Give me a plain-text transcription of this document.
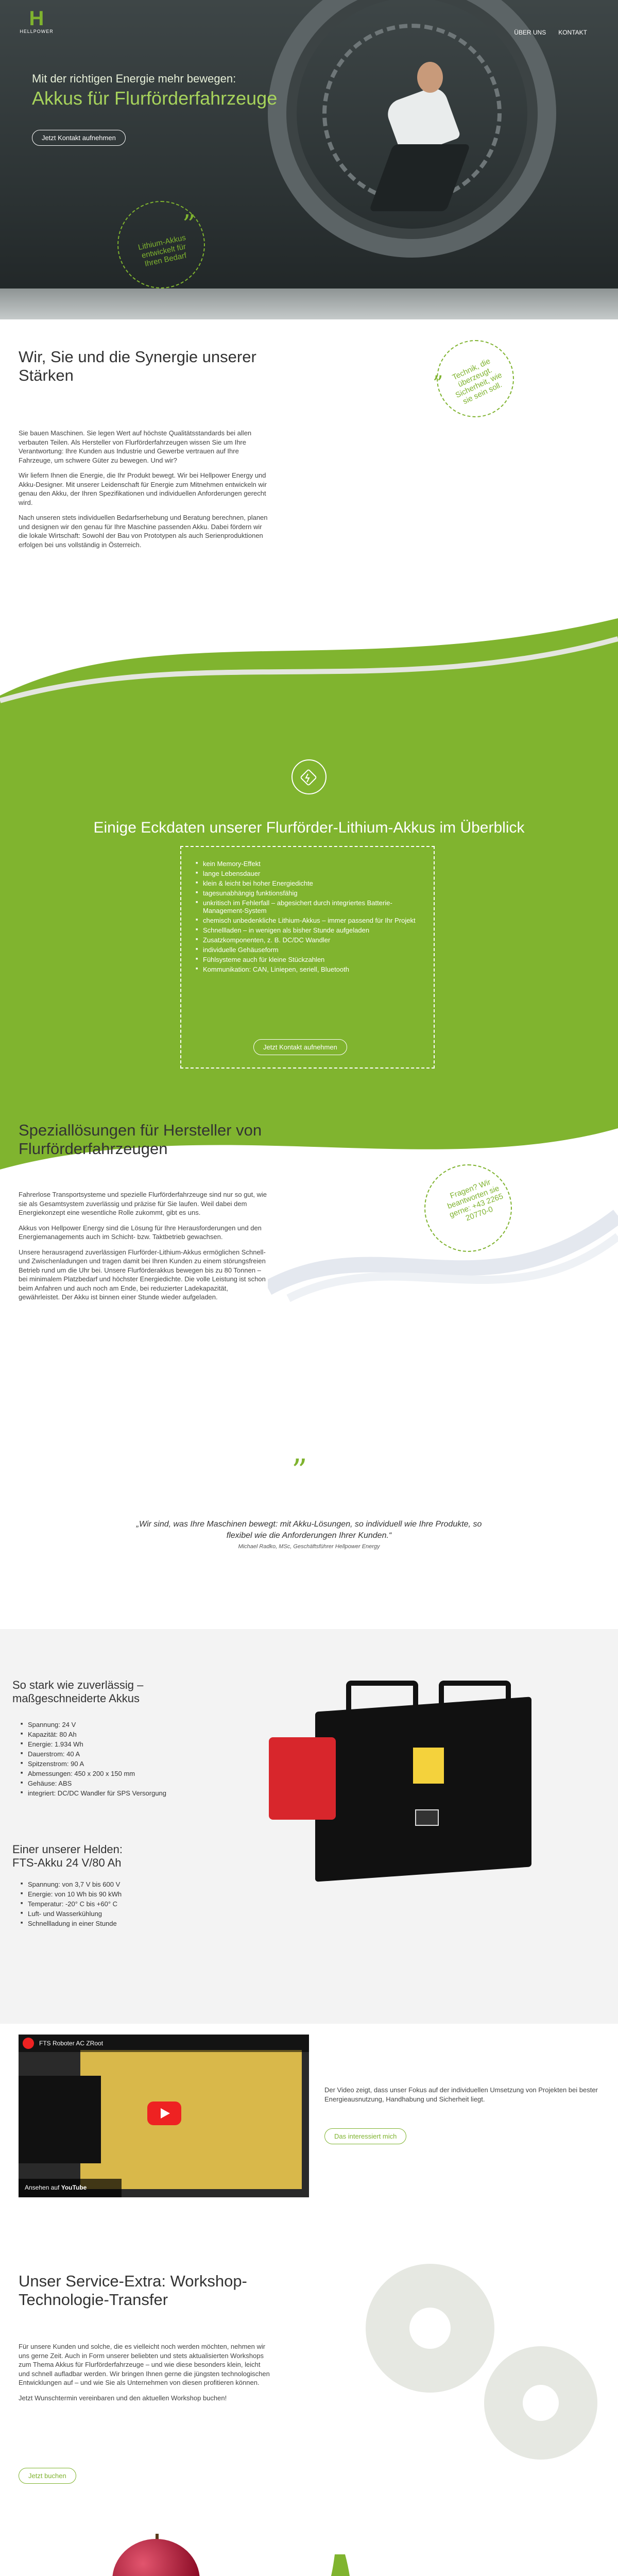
H
HELLPOWER	ÜBER UNS KONTAKT
Mit der richtigen Energie mehr bewegen:
Akkus für Flurförderfahrzeuge
Jetzt Kontakt aufnehmen
”
Lithium-Akkus entwickelt für Ihren Bedarf
Wir, Sie und die Synergie unserer Stärken

Sie bauen Maschinen. Sie legen Wert auf höchste Qualitätsstandards bei allen verbauten Teilen. Als Hersteller von Flurförderfahrzeugen wissen Sie um Ihre Verantwortung: Ihre Kunden aus Industrie und Gewerbe vertrauen auf Ihre Fahrzeuge, um schwere Güter zu bewegen. Und wir?

Wir liefern Ihnen die Energie, die Ihr Produkt bewegt. Wir bei Hellpower Energy und Akku-Designer. Mit unserer Leidenschaft für Energie zum Mitnehmen entwickeln wir genau den Akku, der Ihren Spezifikationen und individuellen Anforderungen gerecht wird.

Nach unseren stets individuellen Bedarfserhebung und Beratung berechnen, planen und designen wir den genau für Ihre Maschine passenden Akku. Dabei fördern wir die lokale Wirtschaft: Sowohl der Bau von Prototypen als auch Serienproduktionen erfolgen bei uns vollständig in Österreich.

”
Technik, die überzeugt. Sicherheit, wie sie sein soll.
Einige Eckdaten unserer Flurförder-Lithium-Akkus im Überblick
■ kein Memory-Effekt
■ lange Lebensdauer
■ klein & leicht bei hoher Energiedichte
■ tagesunabhängig funktionsfähig
■ unkritisch im Fehlerfall – abgesichert durch integriertes Batterie-Management-System
■ chemisch unbedenkliche Lithium-Akkus – immer passend für Ihr Projekt
■ Schnellladen – in wenigen als bisher Stunde aufgeladen
■ Zusatzkomponenten, z. B. DC/DC Wandler
■ individuelle Gehäuseform
■ Fühlsysteme auch für kleine Stückzahlen
■ Kommunikation: CAN, Liniepen, seriell, Bluetooth
Jetzt Kontakt aufnehmen
Speziallösungen für Hersteller von Flurförderfahrzeugen

Fahrerlose Transportsysteme und spezielle Flurförderfahrzeuge sind nur so gut, wie sie als Gesamtsystem zuverlässig und präzise für Sie laufen. Weil dabei dem Energiekonzept eine wesentliche Rolle zukommt, gibt es uns.

Akkus von Hellpower Energy sind die Lösung für Ihre Herausforderungen und den Energiemanagements auch im Schicht- bzw. Taktbetrieb gewachsen.

Unsere herausragend zuverlässigen Flurförder-Lithium-Akkus ermöglichen Schnell- und Zwischenladungen und tragen damit bei Ihren Kunden zu einem störungsfreien Betrieb rund um die Uhr bei. Unsere Flurförderakkus bewegen bis zu 80 Tonnen – bei minimalem Platzbedarf und höchster Energiedichte. Die volle Leistung ist schon beim Anfahren und auch noch am Ende, bei reduzierter Ladekapazität, gewährleistet. Der Akku ist binnen einer Stunde wieder aufgeladen.

Fragen? Wir beantworten sie gerne: +43 2265 20770-0
”
„Wir sind, was Ihre Maschinen bewegt: mit Akku-Lösungen, so individuell wie Ihre Produkte, so flexibel wie die Anforderungen Ihrer Kunden.“
Michael Radko, MSc, Geschäftsführer Hellpower Energy
So stark wie zuverlässig – maßgeschneiderte Akkus
■ Spannung: 24 V
■ Kapazität: 80 Ah
■ Energie: 1.934 Wh
■ Dauerstrom: 40 A
■ Spitzenstrom: 90 A
■ Abmessungen: 450 x 200 x 150 mm
■ Gehäuse: ABS
■ integriert: DC/DC Wandler für SPS Versorgung
Einer unserer Helden:
FTS-Akku 24 V/80 Ah
■ Spannung: von 3,7 V bis 600 V
■ Energie: von 10 Wh bis 90 kWh
■ Temperatur: -20° C bis +60° C
■ Luft- und Wasserkühlung
■ Schnellladung in einer Stunde
FTS Roboter AC ZRoot
Ansehen auf YouTube
Der Video zeigt, dass unser Fokus auf der individuellen Umsetzung von Projekten bei bester Energieausnutzung, Handhabung und Sicherheit liegt.
Das interessiert mich
Unser Service-Extra: Workshop-Technologie-Transfer

Für unsere Kunden und solche, die es vielleicht noch werden möchten, nehmen wir uns gerne Zeit. Auch in Form unserer beliebten und stets aktualisierten Workshops zum Thema Akkus für Flurförderfahrzeuge – und wie diese besonders klein, leicht und schnell aufladbar werden. Wir bringen Ihnen gerne die jüngsten technologischen Entwicklungen auf – und wie Sie als Unternehmen von diesen profitieren können.

Jetzt Wunschtermin vereinbaren und den aktuellen Workshop buchen!

Jetzt buchen
